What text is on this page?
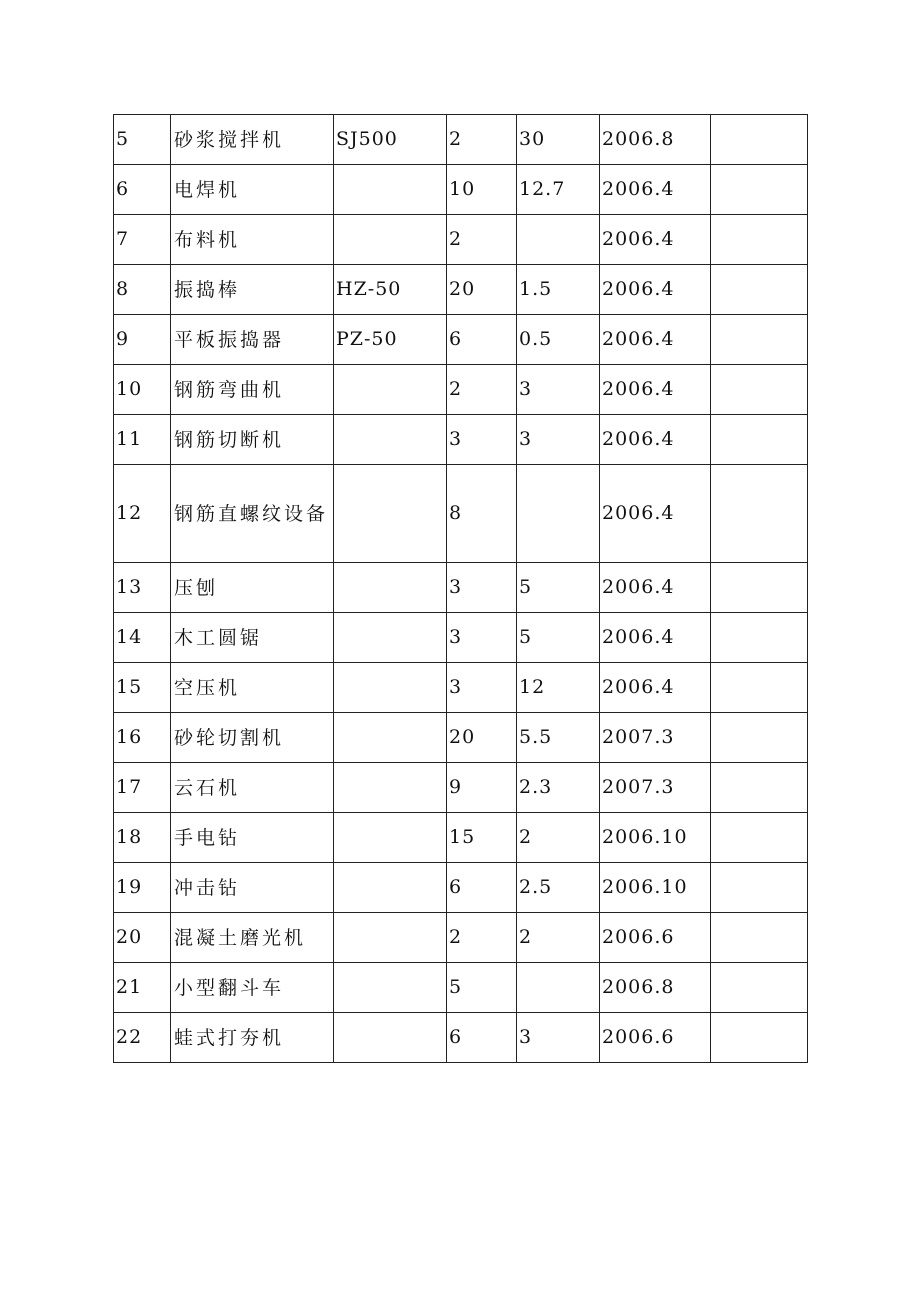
5	砂浆搅拌机	SJ500	2	30	2006.8	
6	电焊机		10	12.7	2006.4	
7	布料机		2		2006.4	
8	振捣棒	HZ-50	20	1.5	2006.4	
9	平板振捣器	PZ-50	6	0.5	2006.4	
10	钢筋弯曲机		2	3	2006.4	
11	钢筋切断机		3	3	2006.4	
12	钢筋直螺纹设备		8		2006.4	
13	压刨		3	5	2006.4	
14	木工圆锯		3	5	2006.4	
15	空压机		3	12	2006.4	
16	砂轮切割机		20	5.5	2007.3	
17	云石机		9	2.3	2007.3	
18	手电钻		15	2	2006.10	
19	冲击钻		6	2.5	2006.10	
20	混凝土磨光机		2	2	2006.6	
21	小型翻斗车		5		2006.8	
22	蛙式打夯机		6	3	2006.6	
